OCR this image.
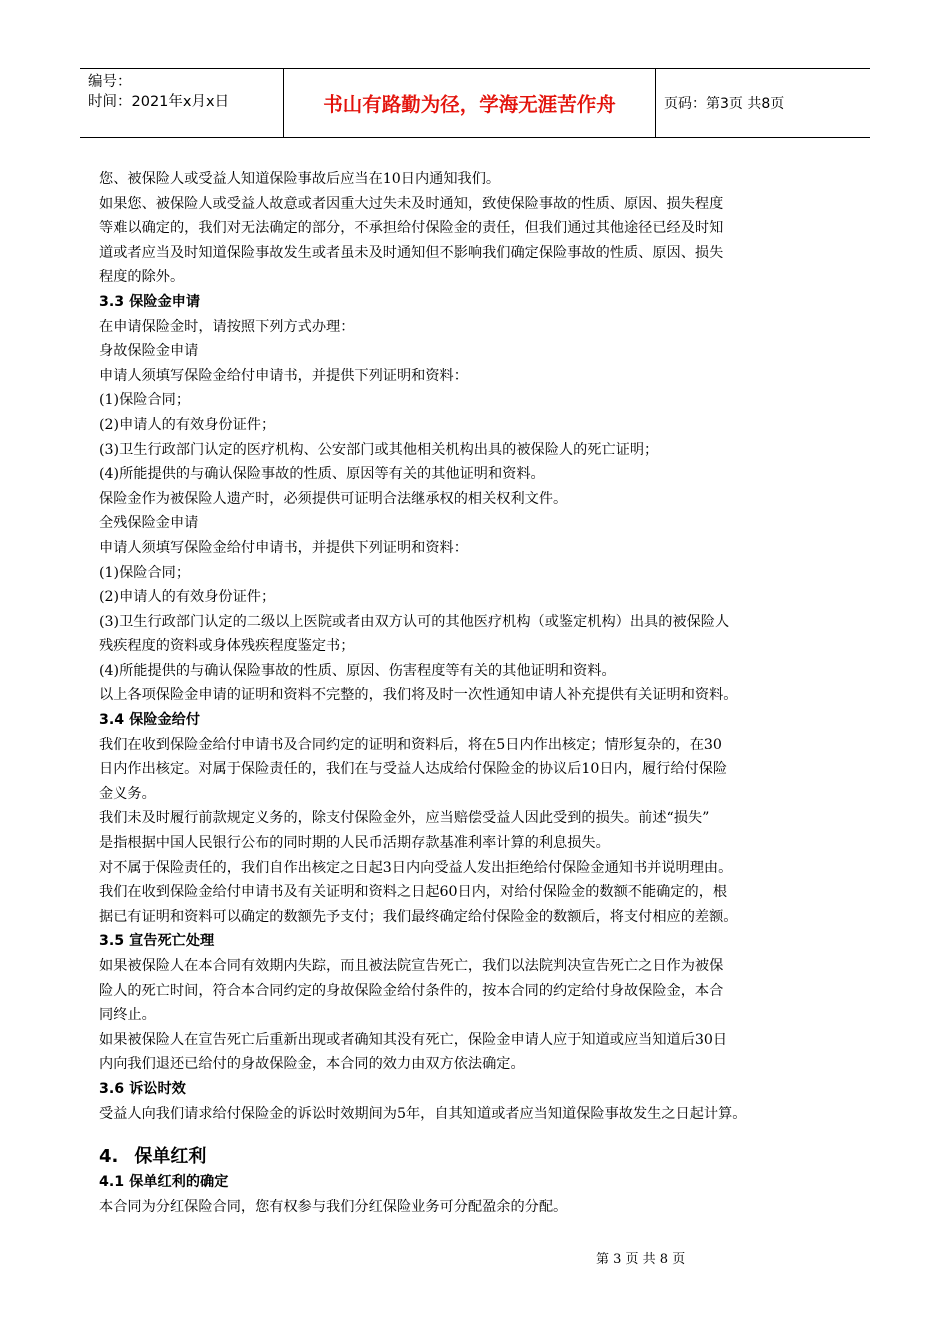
编号：
时间：2021年x月x日	书山有路勤为径，学海无涯苦作舟	页码：第3页 共8页
您、被保险人或受益人知道保险事故后应当在10日内通知我们。
如果您、被保险人或受益人故意或者因重大过失未及时通知，致使保险事故的性质、原因、损失程度
等难以确定的，我们对无法确定的部分，不承担给付保险金的责任，但我们通过其他途径已经及时知
道或者应当及时知道保险事故发生或者虽未及时通知但不影响我们确定保险事故的性质、原因、损失
程度的除外。
3.3 保险金申请
在申请保险金时，请按照下列方式办理：
身故保险金申请
申请人须填写保险金给付申请书，并提供下列证明和资料：
(1)保险合同；
(2)申请人的有效身份证件；
(3)卫生行政部门认定的医疗机构、公安部门或其他相关机构出具的被保险人的死亡证明；
(4)所能提供的与确认保险事故的性质、原因等有关的其他证明和资料。
保险金作为被保险人遗产时，必须提供可证明合法继承权的相关权利文件。
全残保险金申请
申请人须填写保险金给付申请书，并提供下列证明和资料：
(1)保险合同；
(2)申请人的有效身份证件；
(3)卫生行政部门认定的二级以上医院或者由双方认可的其他医疗机构（或鉴定机构）出具的被保险人
残疾程度的资料或身体残疾程度鉴定书；
(4)所能提供的与确认保险事故的性质、原因、伤害程度等有关的其他证明和资料。
以上各项保险金申请的证明和资料不完整的，我们将及时一次性通知申请人补充提供有关证明和资料。
3.4 保险金给付
我们在收到保险金给付申请书及合同约定的证明和资料后，将在5日内作出核定；情形复杂的，在30
日内作出核定。对属于保险责任的，我们在与受益人达成给付保险金的协议后10日内，履行给付保险
金义务。
我们未及时履行前款规定义务的，除支付保险金外，应当赔偿受益人因此受到的损失。前述“损失”
是指根据中国人民银行公布的同时期的人民币活期存款基准利率计算的利息损失。
对不属于保险责任的，我们自作出核定之日起3日内向受益人发出拒绝给付保险金通知书并说明理由。
我们在收到保险金给付申请书及有关证明和资料之日起60日内，对给付保险金的数额不能确定的，根
据已有证明和资料可以确定的数额先予支付；我们最终确定给付保险金的数额后，将支付相应的差额。
3.5 宣告死亡处理
如果被保险人在本合同有效期内失踪，而且被法院宣告死亡，我们以法院判决宣告死亡之日作为被保
险人的死亡时间，符合本合同约定的身故保险金给付条件的，按本合同的约定给付身故保险金，本合
同终止。
如果被保险人在宣告死亡后重新出现或者确知其没有死亡，保险金申请人应于知道或应当知道后30日
内向我们退还已给付的身故保险金，本合同的效力由双方依法确定。
3.6 诉讼时效
受益人向我们请求给付保险金的诉讼时效期间为5年，自其知道或者应当知道保险事故发生之日起计算。
4. 保单红利
4.1 保单红利的确定
本合同为分红保险合同，您有权参与我们分红保险业务可分配盈余的分配。
第 3 页 共 8 页
